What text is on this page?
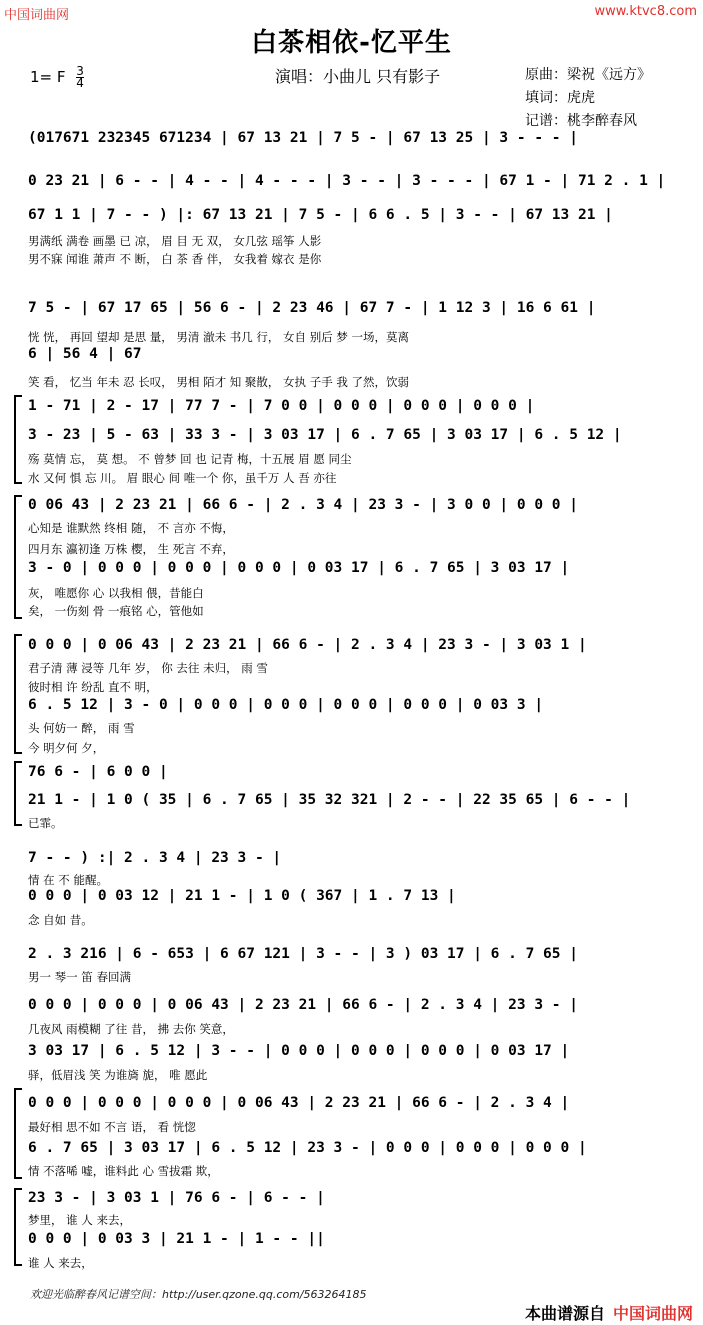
中国词曲网	www.ktvc8.com
白茶相依-忆平生
1= F $\frac{3}{4}$	演唱：小曲儿 只有影子	原曲：梁祝《远方》
填词：虎虎
记谱：桃李醉春风
(017671 232345 671234 | 67 13 21 | 7 5 - | 67 13 25 | 3 - - - |
0 23 21 | 6 - - | 4 - - | 4 - - - | 3 - - | 3 - - - | 67 1 - | 71 2 . 1 |
67 1 1 | 7 - - ) |: 67 13 21 | 7 5 - | 6 6 . 5 | 3 - - | 67 13 21 |
男满纸 满卷 画墨 已 凉， 眉 目 无 双， 女几弦 瑶筝 人影
男不寐 闻谁 萧声 不 断， 白 茶 香 伴， 女我着 嫁衣 是你
7 5 - | 67 17 65 | 56 6 - | 2 23 46 | 67 7 - | 1 12 3 | 16 6 61 |
恍 恍， 再回 望却 是思 量， 男清 澈未 书几 行， 女自 别后 梦 一场，莫离
6 | 56 4 | 67
笑 看， 忆当 年未 忍 长叹， 男相 陌才 知 聚散， 女执 子手 我 了然，饮弱
1 - 71 | 2 - 17 | 77 7 - | 7 0 0 | 0 0 0 | 0 0 0 | 0 0 0 |
3 - 23 | 5 - 63 | 33 3 - | 3 03 17 | 6 . 7 65 | 3 03 17 | 6 . 5 12 |
殇 莫情 忘， 莫 想。 不 曾梦 回 也 记青 梅，十五展 眉 愿 同尘
水 又何 惧 忘 川。 眉 眼心 间 唯一个 你，虽千万 人 吾 亦往
0 06 43 | 2 23 21 | 66 6 - | 2 . 3 4 | 23 3 - | 3 0 0 | 0 0 0 |
心知是 谁默然 终相 随， 不 言亦 不悔，
四月东 瀛初逢 万株 樱， 生 死言 不弃，
3 - 0 | 0 0 0 | 0 0 0 | 0 0 0 | 0 03 17 | 6 . 7 65 | 3 03 17 |
灰， 唯愿你 心 以我相 偎，昔能白
矣， 一伤刻 骨 一痕铭 心，管他如
0 0 0 | 0 06 43 | 2 23 21 | 66 6 - | 2 . 3 4 | 23 3 - | 3 03 1 |
君子清 薄 浸等 几年 岁， 你 去往 未归， 雨 雪
彼时相 许 纷乱 直不 明，
6 . 5 12 | 3 - 0 | 0 0 0 | 0 0 0 | 0 0 0 | 0 0 0 | 0 03 3 |
头 何妨一 醉， 雨 雪
今 明夕何 夕，
76 6 - | 6 0 0 |
21 1 - | 1 0 ( 35 | 6 . 7 65 | 35 32 321 | 2 - - | 22 35 65 | 6 - - |
已霏。
7 - - ) :| 2 . 3 4 | 23 3 - |
情 在 不 能醒。
0 0 0 | 0 03 12 | 21 1 - | 1 0 ( 367 | 1 . 7 13 |
念 自如 昔。
2 . 3 216 | 6 - 653 | 6 67 121 | 3 - - | 3 ) 03 17 | 6 . 7 65 |
男一 琴一 笛 春回满
0 0 0 | 0 0 0 | 0 06 43 | 2 23 21 | 66 6 - | 2 . 3 4 | 23 3 - |
几夜风 雨模糊 了往 昔， 拂 去你 笑意，
3 03 17 | 6 . 5 12 | 3 - - | 0 0 0 | 0 0 0 | 0 0 0 | 0 03 17 |
驿，低眉浅 笑 为谁旖 旎， 唯 愿此
0 0 0 | 0 0 0 | 0 0 0 | 0 06 43 | 2 23 21 | 66 6 - | 2 . 3 4 |
最好相 思不如 不言 语， 看 恍惚
6 . 7 65 | 3 03 17 | 6 . 5 12 | 23 3 - | 0 0 0 | 0 0 0 | 0 0 0 |
情 不落唏 嘘，谁料此 心 雪拔霜 欺，
23 3 - | 3 03 1 | 76 6 - | 6 - - |
梦里， 谁 人 来去，
0 0 0 | 0 03 3 | 21 1 - | 1 - - ||
谁 人 来去，
欢迎光临醉春风记谱空间：http://user.qzone.qq.com/563264185
本曲谱源自 中国词曲网
